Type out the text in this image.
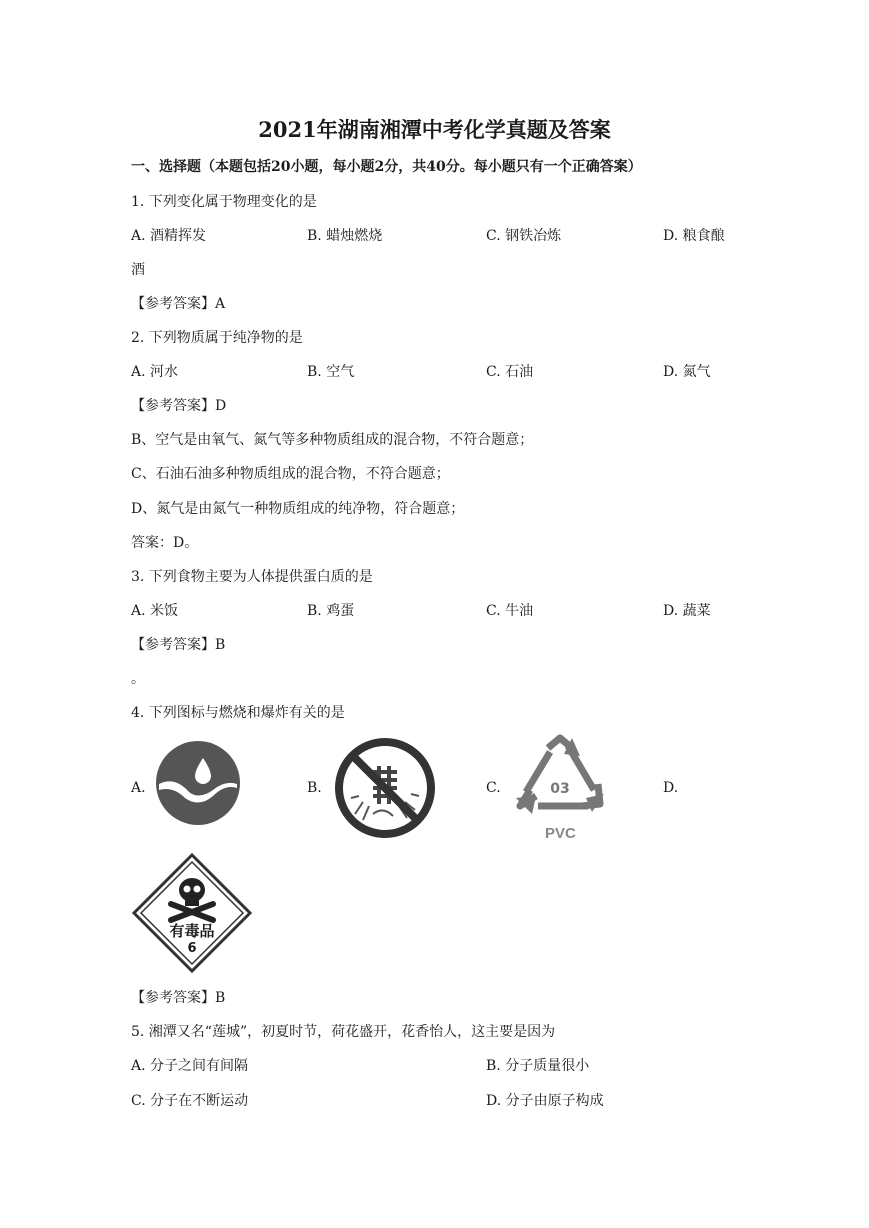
2021年湖南湘潭中考化学真题及答案
一、选择题（本题包括20小题，每小题2分，共40分。每小题只有一个正确答案）
1. 下列变化属于物理变化的是
A. 酒精挥发	B. 蜡烛燃烧	C. 钢铁冶炼	D. 粮食酿
酒
【参考答案】A
2. 下列物质属于纯净物的是
A. 河水	B. 空气	C. 石油	D. 氮气
【参考答案】D
B、空气是由氧气、氮气等多种物质组成的混合物，不符合题意；
C、石油石油多种物质组成的混合物，不符合题意；
D、氮气是由氮气一种物质组成的纯净物，符合题意；
答案：D。
3. 下列食物主要为人体提供蛋白质的是
A. 米饭	B. 鸡蛋	C. 牛油	D. 蔬菜
【参考答案】B
。
4. 下列图标与燃烧和爆炸有关的是
A.	B.	C.	03
PVC
D.
有毒品
6
【参考答案】B
5. 湘潭又名“莲城”，初夏时节，荷花盛开，花香怡人，这主要是因为
A. 分子之间有间隔	B. 分子质量很小
C. 分子在不断运动	D. 分子由原子构成
